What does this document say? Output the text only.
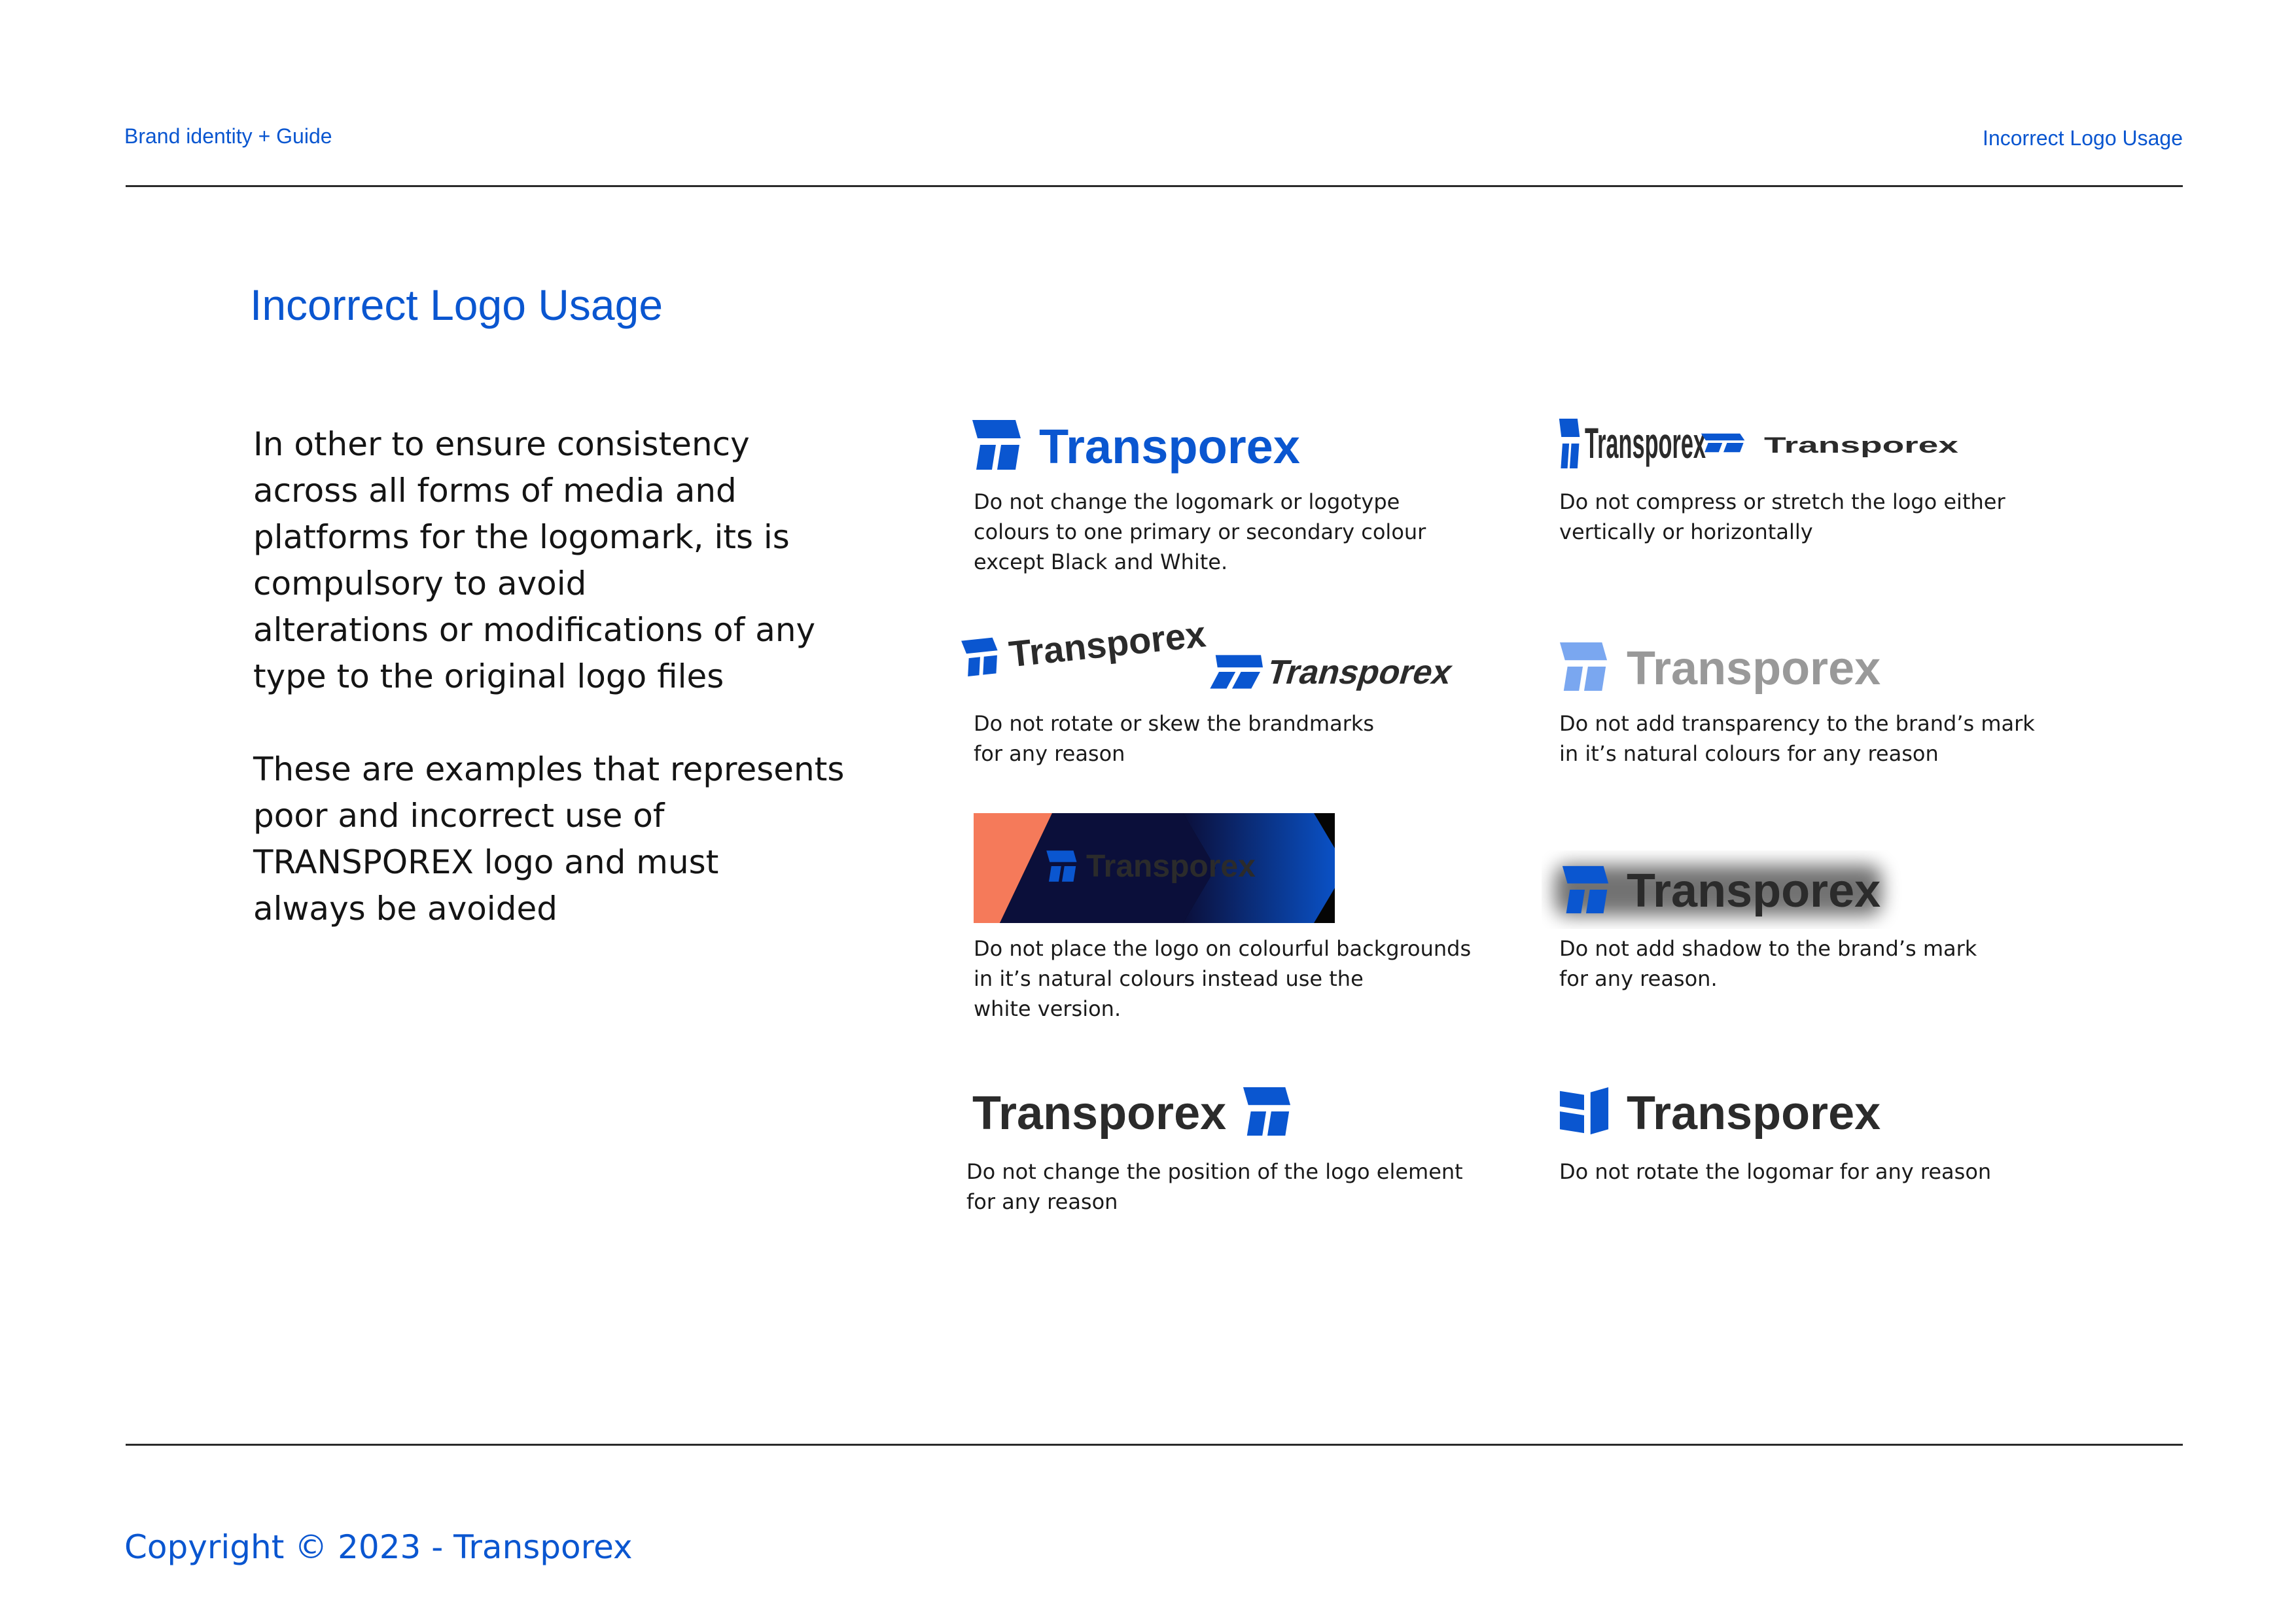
Brand identity + Guide	Incorrect Logo Usage
Incorrect Logo Usage

In other to ensure consistency
across all forms of media and
platforms for the logomark, its is
compulsory to avoid
alterations or modifications of any
type to the original logo files

These are examples that represents
poor and incorrect use of
TRANSPOREX logo and must
always be avoided

Transporex

Do not change the logomark or logotype
colours to one primary or secondary colour
except Black and White.

Transporex	Transporex

Do not compress or stretch the logo either
vertically or horizontally

Transporex Transporex

Do not rotate or skew the brandmarks
for any reason

Transporex

Do not add transparency to the brand’s mark
in it’s natural colours for any reason

Transporex

Do not place the logo on colourful backgrounds
in it’s natural colours instead use the
white version.

Transporex

Do not add shadow to the brand’s mark
for any reason.

Transporex

Do not change the position of the logo element
for any reason

Transporex

Do not rotate the logomar for any reason

Copyright © 2023 - Transporex
